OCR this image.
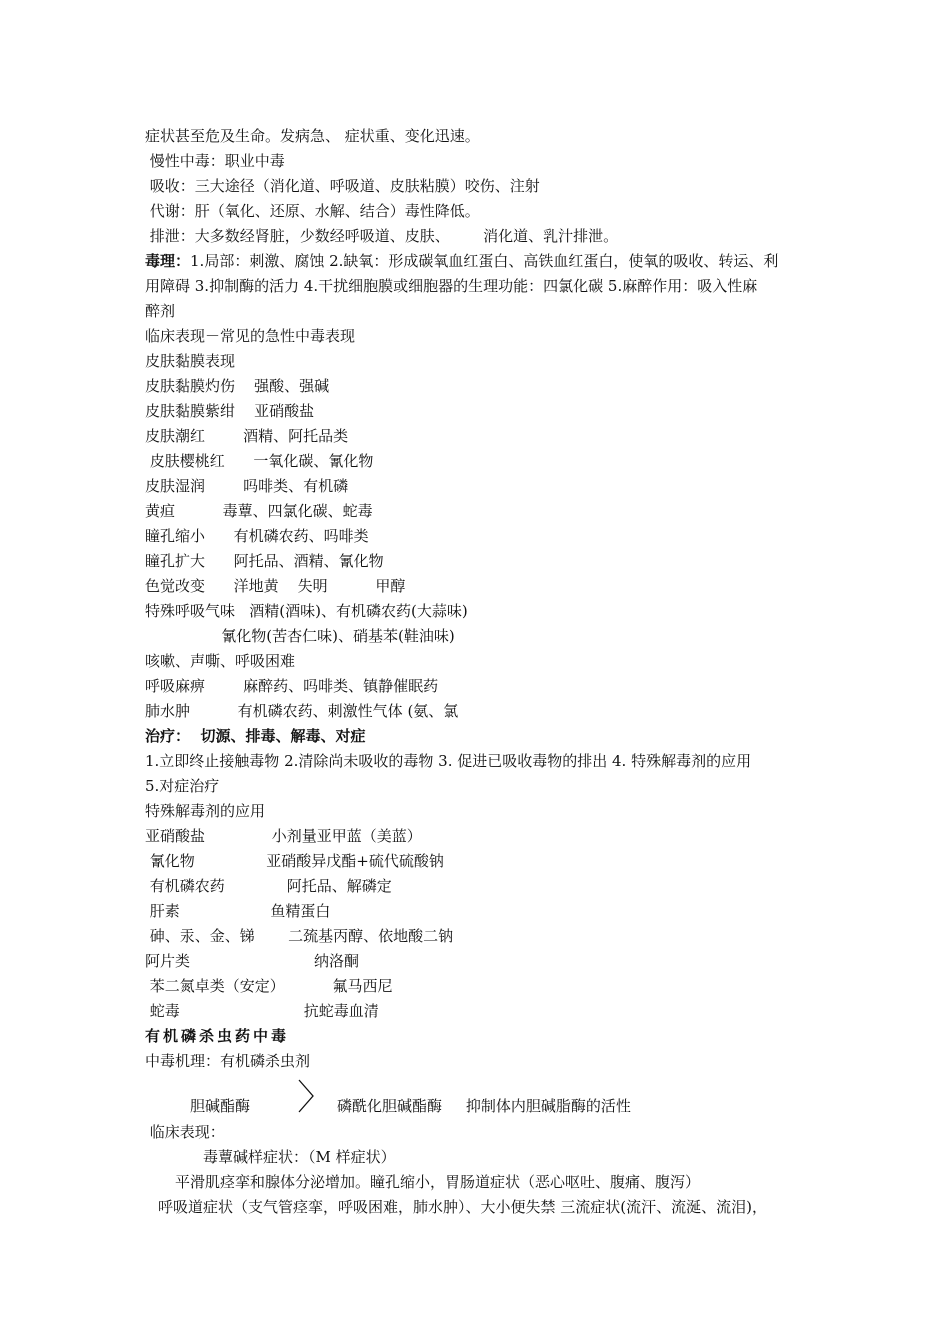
症状甚至危及生命。发病急、 症状重、变化迅速。
慢性中毒：职业中毒
吸收：三大途径（消化道、呼吸道、皮肤粘膜）咬伤、注射
代谢：肝（氧化、还原、水解、结合）毒性降低。
排泄：大多数经肾脏，少数经呼吸道、皮肤、       消化道、乳汁排泄。
毒理：1.局部：刺激、腐蚀 2.缺氧：形成碳氧血红蛋白、高铁血红蛋白，使氧的吸收、转运、利
用障碍 3.抑制酶的活力 4.干扰细胞膜或细胞器的生理功能：四氯化碳 5.麻醉作用：吸入性麻
醉剂
临床表现－常见的急性中毒表现
皮肤黏膜表现
皮肤黏膜灼伤    强酸、强碱
皮肤黏膜紫绀    亚硝酸盐
皮肤潮红        酒精、阿托品类
皮肤樱桃红      一氧化碳、氰化物
皮肤湿润        吗啡类、有机磷
黄疸          毒蕈、四氯化碳、蛇毒
瞳孔缩小      有机磷农药、吗啡类
瞳孔扩大      阿托品、酒精、氰化物
色觉改变      洋地黄    失明          甲醇
特殊呼吸气味   酒精(酒味)、有机磷农药(大蒜味)
氰化物(苦杏仁味)、硝基苯(鞋油味)
咳嗽、声嘶、呼吸困难
呼吸麻痹        麻醉药、吗啡类、镇静催眠药
肺水肿          有机磷农药、刺激性气体 (氨、氯
治疗：  切源、排毒、解毒、对症
1.立即终止接触毒物 2.清除尚未吸收的毒物 3. 促进已吸收毒物的排出 4. 特殊解毒剂的应用
5.对症治疗
特殊解毒剂的应用
亚硝酸盐              小剂量亚甲蓝（美蓝）
氰化物               亚硝酸异戊酯+硫代硫酸钠
有机磷农药             阿托品、解磷定
肝素                   鱼精蛋白
砷、汞、金、锑       二巯基丙醇、依地酸二钠
阿片类                          纳洛酮
苯二氮卓类（安定）          氟马西尼
蛇毒                          抗蛇毒血清
有机磷杀虫药中毒
中毒机理：有机磷杀虫剂
胆碱酯酶	磷酰化胆碱酯酶     抑制体内胆碱脂酶的活性
临床表现：
毒蕈碱样症状：（M 样症状）
平滑肌痉挛和腺体分泌增加。瞳孔缩小，胃肠道症状（恶心呕吐、腹痛、腹泻）
呼吸道症状（支气管痉挛，呼吸困难，肺水肿）、大小便失禁 三流症状(流汗、流涎、流泪)，
